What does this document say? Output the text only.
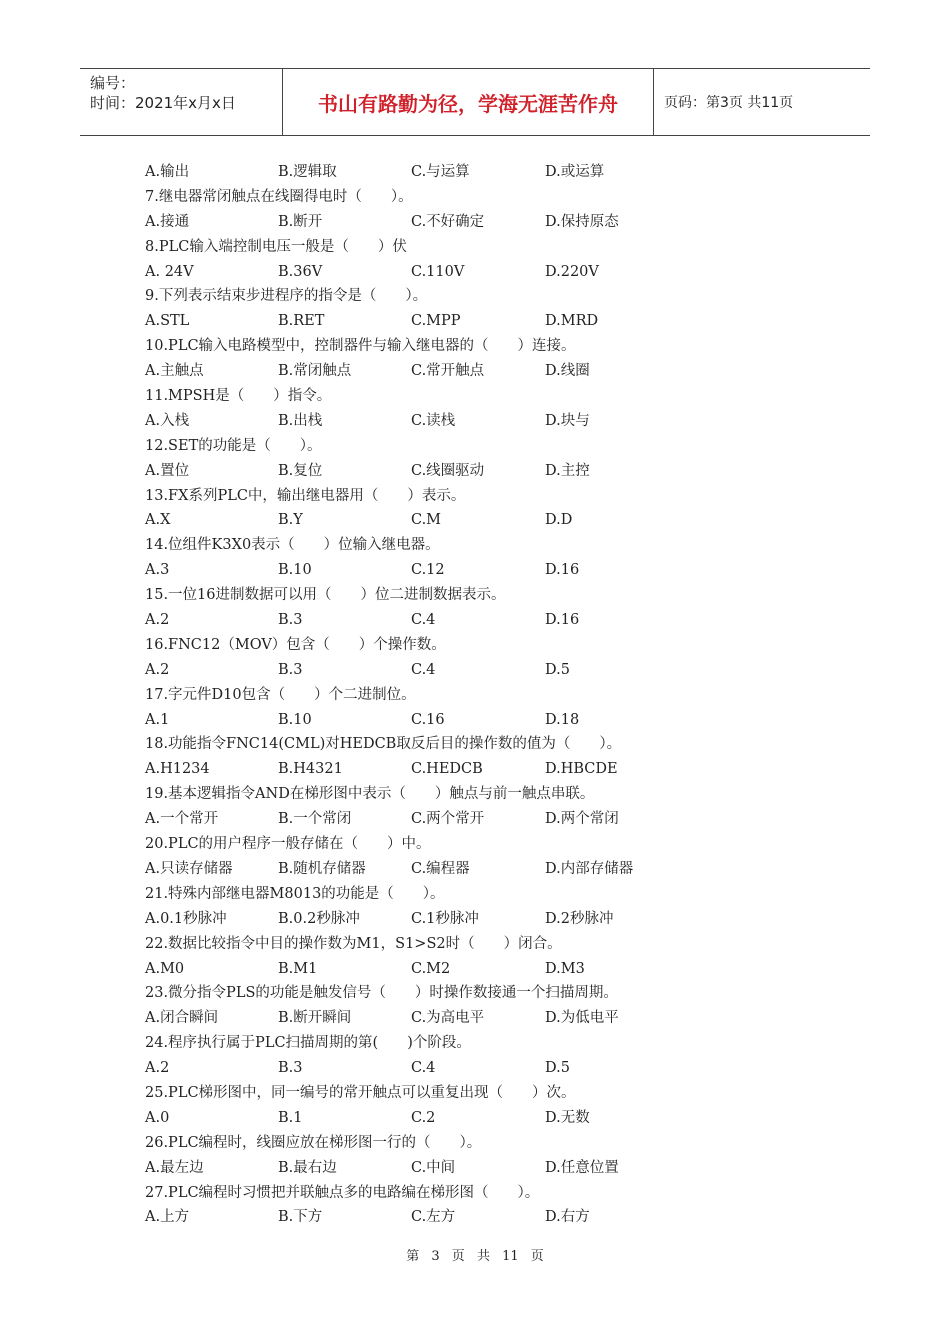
编号：
时间：2021年x月x日	书山有路勤为径，学海无涯苦作舟	页码：第3页 共11页
A.输出	B.逻辑取	C.与运算	D.或运算
7.继电器常闭触点在线圈得电时（　　）。
A.接通	B.断开	C.不好确定	D.保持原态
8.PLC输入端控制电压一般是（　　）伏
A. 24V	B.36V	C.110V	D.220V
9.下列表示结束步进程序的指令是（　　）。
A.STL	B.RET	C.MPP	D.MRD
10.PLC输入电路模型中，控制器件与输入继电器的（　　）连接。
A.主触点	B.常闭触点	C.常开触点	D.线圈
11.MPSH是（　　）指令。
A.入栈	B.出栈	C.读栈	D.块与
12.SET的功能是（　　）。
A.置位	B.复位	C.线圈驱动	D.主控
13.FX系列PLC中，输出继电器用（　　）表示。
A.X	B.Y	C.M	D.D
14.位组件K3X0表示（　　）位输入继电器。
A.3	B.10	C.12	D.16
15.一位16进制数据可以用（　　）位二进制数据表示。
A.2	B.3	C.4	D.16
16.FNC12（MOV）包含（　　）个操作数。
A.2	B.3	C.4	D.5
17.字元件D10包含（　　）个二进制位。
A.1	B.10	C.16	D.18
18.功能指令FNC14(CML)对HEDCB取反后目的操作数的值为（　　）。
A.H1234	B.H4321	C.HEDCB	D.HBCDE
19.基本逻辑指令AND在梯形图中表示（　　）触点与前一触点串联。
A.一个常开	B.一个常闭	C.两个常开	D.两个常闭
20.PLC的用户程序一般存储在（　　）中。
A.只读存储器	B.随机存储器	C.编程器	D.内部存储器
21.特殊内部继电器M8013的功能是（　　）。
A.0.1秒脉冲	B.0.2秒脉冲	C.1秒脉冲	D.2秒脉冲
22.数据比较指令中目的操作数为M1，S1>S2时（　　）闭合。
A.M0	B.M1	C.M2	D.M3
23.微分指令PLS的功能是触发信号（　　）时操作数接通一个扫描周期。
A.闭合瞬间	B.断开瞬间	C.为高电平	D.为低电平
24.程序执行属于PLC扫描周期的第(　　)个阶段。
A.2	B.3	C.4	D.5
25.PLC梯形图中，同一编号的常开触点可以重复出现（　　）次。
A.0	B.1	C.2	D.无数
26.PLC编程时，线圈应放在梯形图一行的（　　）。
A.最左边	B.最右边	C.中间	D.任意位置
27.PLC编程时习惯把并联触点多的电路编在梯形图（　　）。
A.上方	B.下方	C.左方	D.右方
第 3 页 共 11 页
